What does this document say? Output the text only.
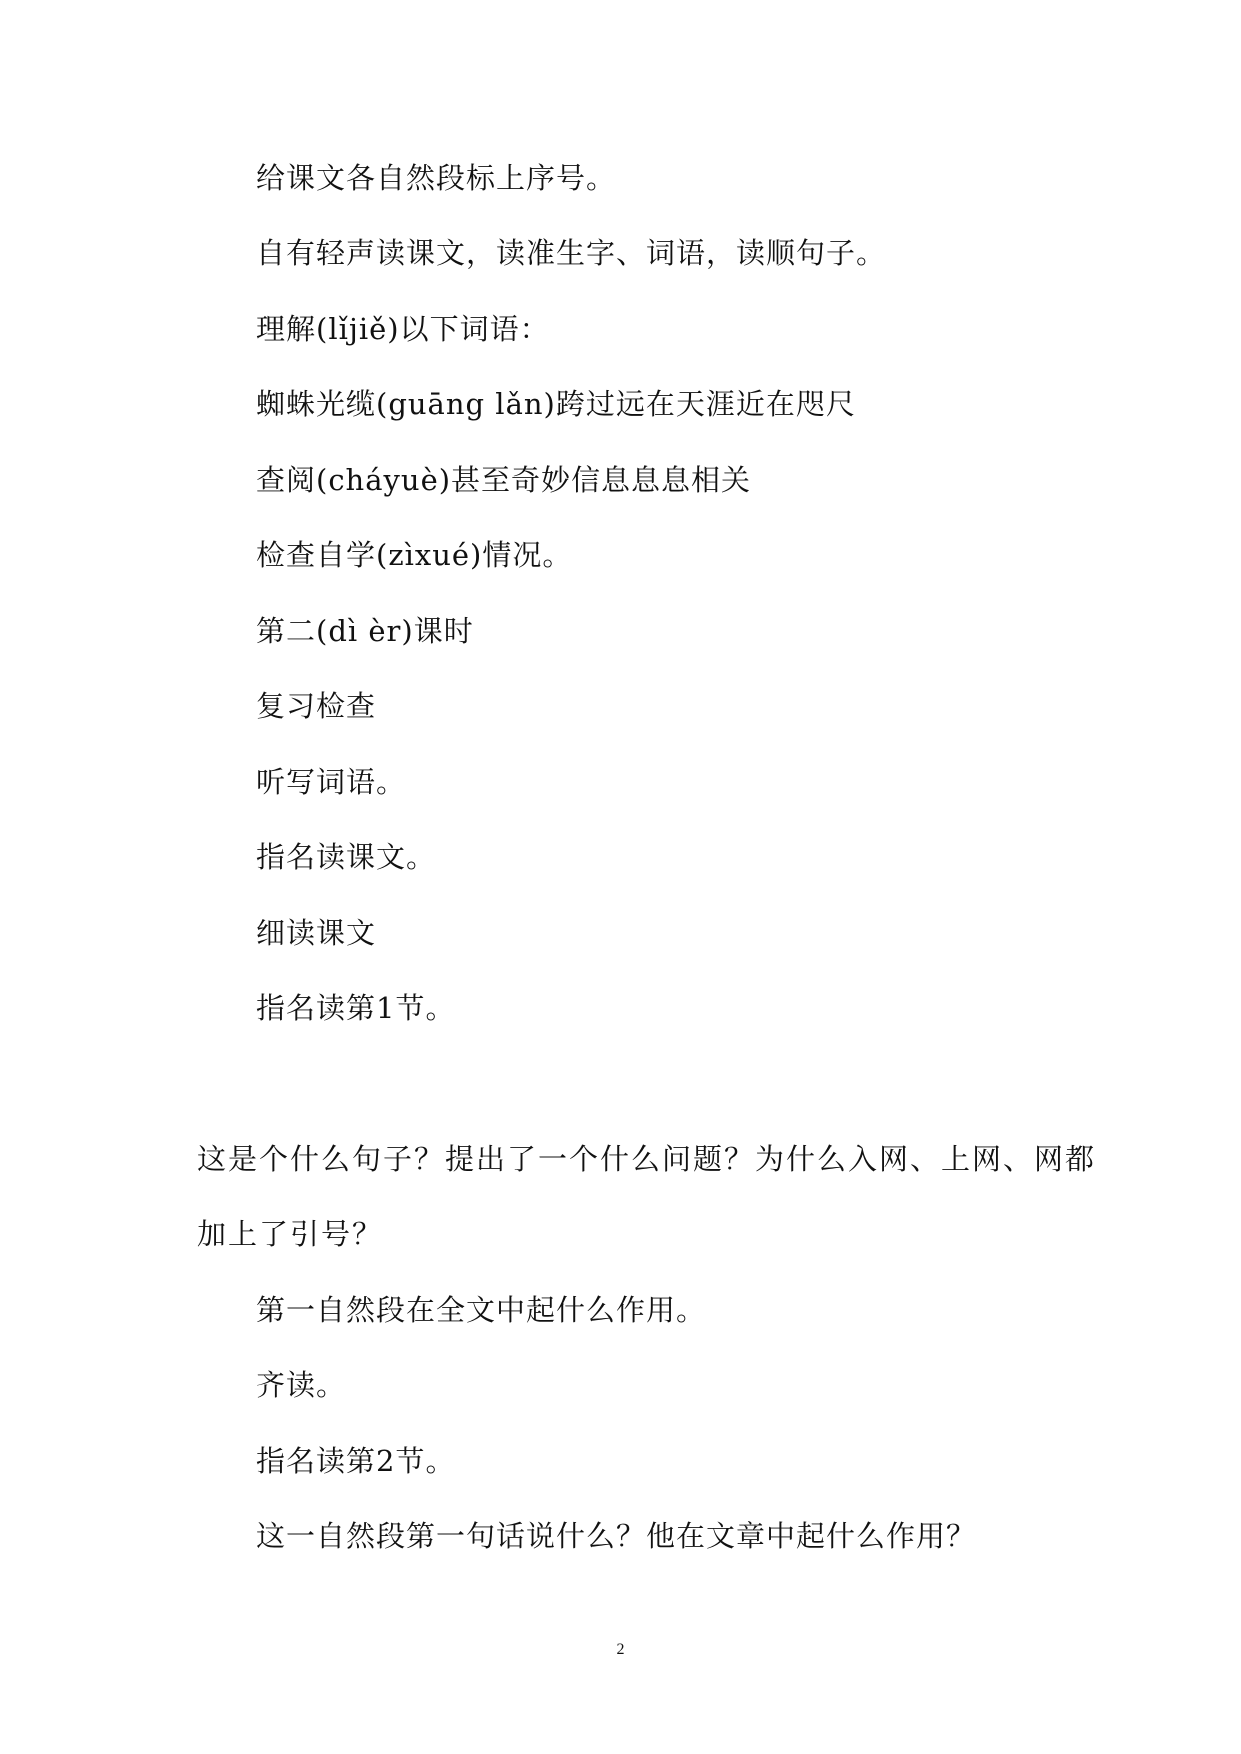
给课文各自然段标上序号。

自有轻声读课文，读准生字、词语，读顺句子。

理解(lǐjiě)以下词语：

蜘蛛光缆(guāng lǎn)跨过远在天涯近在咫尺

查阅(cháyuè)甚至奇妙信息息息相关

检查自学(zìxué)情况。

第二(dì èr)课时

复习检查

听写词语。

指名读课文。

细读课文

指名读第1节。

这是个什么句子？提出了一个什么问题？为什么入网、上网、网都

加上了引号？

第一自然段在全文中起什么作用。

齐读。

指名读第2节。

这一自然段第一句话说什么？他在文章中起什么作用？

2
